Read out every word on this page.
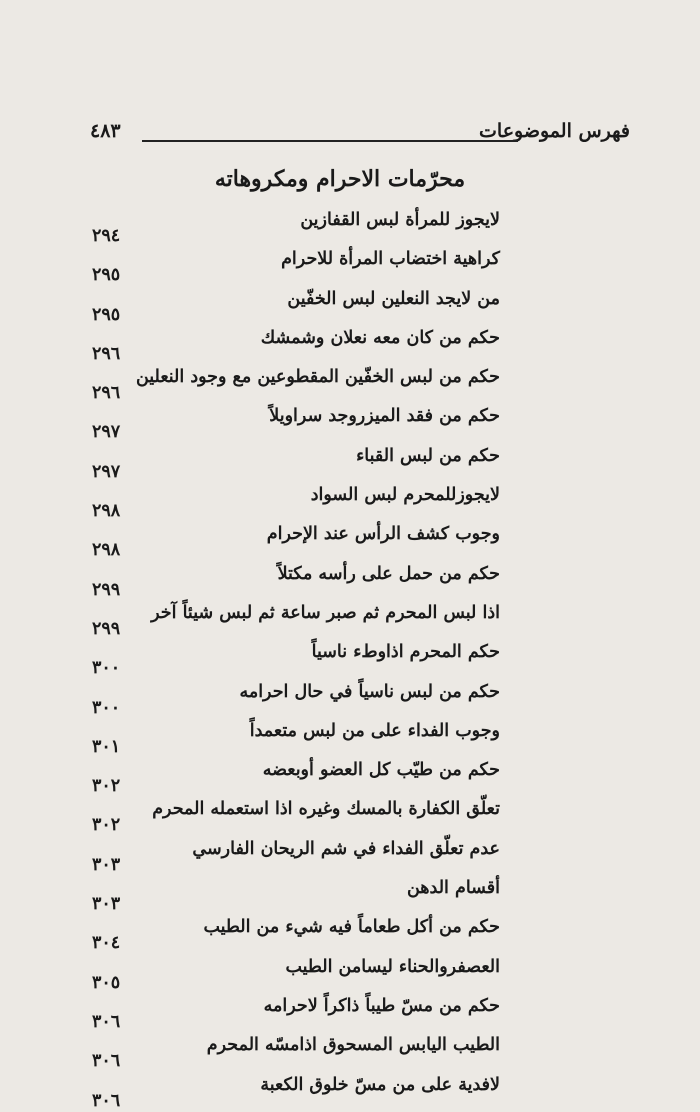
فهرس الموضوعات
٤٨٣
محرّمات الاحرام ومكروهاته
لايجوز للمرأة لبس القفازين
٢٩٤
كراهية اختضاب المرأة للاحرام
٢٩٥
من لايجد النعلين لبس الخفّين
٢٩٥
حكم من كان معه نعلان وشمشك
٢٩٦
حكم من لبس الخفّين المقطوعين مع وجود النعلين
٢٩٦
حكم من فقد الميزروجد سراويلاً
٢٩٧
حكم من لبس القباء
٢٩٧
لايجوزللمحرم لبس السواد
٢٩٨
وجوب كشف الرأس عند الإحرام
٢٩٨
حكم من حمل على رأسه مكتلاً
٢٩٩
اذا لبس المحرم ثم صبر ساعة ثم لبس شيئاً آخر
٢٩٩
حكم المحرم اذاوطء ناسياً
٣٠٠
حكم من لبس ناسياً في حال احرامه
٣٠٠
وجوب الفداء على من لبس متعمداً
٣٠١
حكم من طيّب كل العضو أوبعضه
٣٠٢
تعلّق الكفارة بالمسك وغيره اذا استعمله المحرم
٣٠٢
عدم تعلّق الفداء في شم الريحان الفارسي
٣٠٣
أقسام الدهن
٣٠٣
حكم من أكل طعاماً فيه شيء من الطيب
٣٠٤
العصفروالحناء ليسامن الطيب
٣٠٥
حكم من مسّ طيباً ذاكراً لاحرامه
٣٠٦
الطيب اليابس المسحوق اذامسّه المحرم
٣٠٦
لافدية على من مسّ خلوق الكعبة
٣٠٦
